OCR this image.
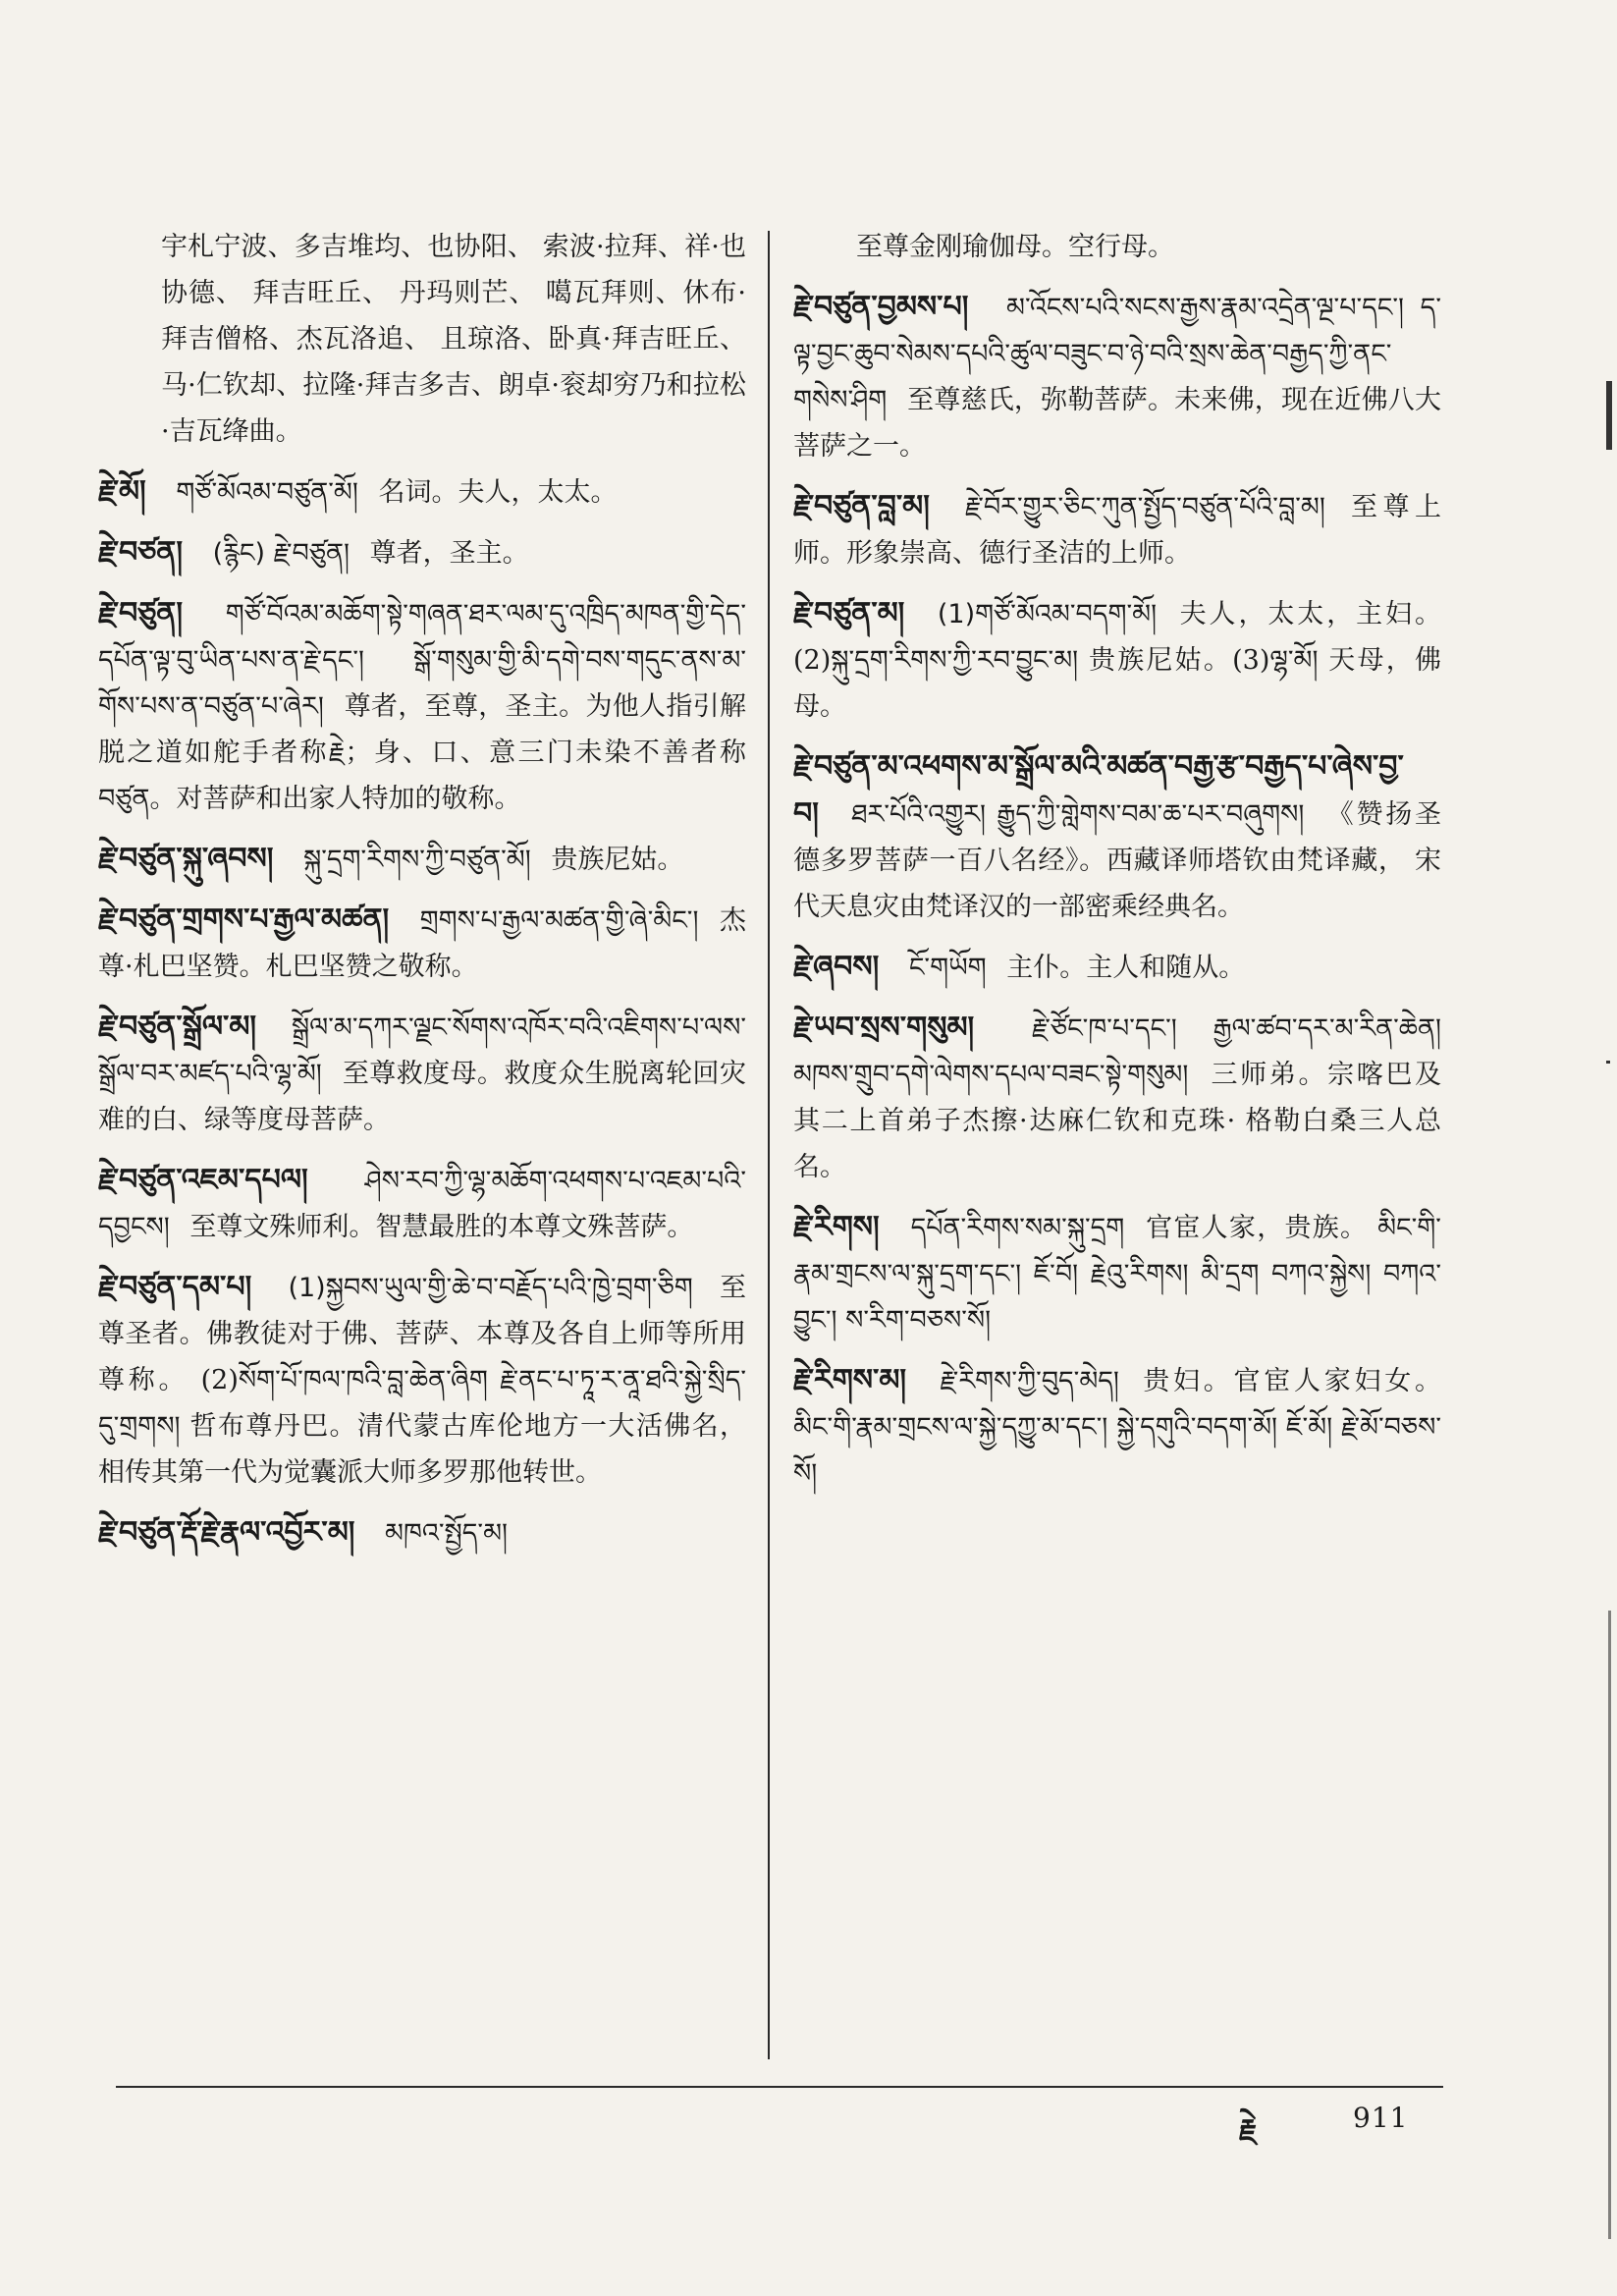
宇札宁波、多吉堆均、也协阳、 索波·拉拜、祥·也协德、 拜吉旺丘、 丹玛则芒、 噶瓦拜则、休布·拜吉僧格、杰瓦洛追、 且琼洛、卧真·拜吉旺丘、马·仁钦却、拉隆·拜吉多吉、朗卓·衮却穷乃和拉松·吉瓦绛曲。

རྗེ་མོ། གཙོ་མོའམ་བཙུན་མོ། 名词。夫人，太太。

རྗེ་བཙན། (རྙིང) རྗེ་བཙུན། 尊者，圣主。

རྗེ་བཙུན། གཙོ་བོའམ་མཆོག་སྟེ་གཞན་ཐར་ལམ་དུ་འཁྲིད་མཁན་གྱི་དེད་དཔོན་ལྟ་བུ་ཡིན་པས་ན་རྗེ་དང་། སྒོ་གསུམ་གྱི་མི་དགེ་བས་གདུང་ནས་མ་གོས་པས་ན་བཙུན་པ་ཞེར། 尊者，至尊，圣主。为他人指引解脱之道如舵手者称རྗེ；身、口、意三门未染不善者称བཙུན。对菩萨和出家人特加的敬称。

རྗེ་བཙུན་སྐུ་ཞབས། སྐུ་དྲག་རིགས་ཀྱི་བཙུན་མོ། 贵族尼姑。

རྗེ་བཙུན་གྲགས་པ་རྒྱལ་མཚན། གྲགས་པ་རྒྱལ་མཚན་གྱི་ཞེ་མིང་། 杰尊·札巴坚赞。札巴坚赞之敬称。

རྗེ་བཙུན་སྒྲོལ་མ། སྒྲོལ་མ་དཀར་ལྗང་སོགས་འཁོར་བའི་འཇིགས་པ་ལས་སྒྲོལ་བར་མཛད་པའི་ལྷ་མོ། 至尊救度母。救度众生脱离轮回灾难的白、绿等度母菩萨。

རྗེ་བཙུན་འཇམ་དཔལ། ཤེས་རབ་ཀྱི་ལྷ་མཆོག་འཕགས་པ་འཇམ་པའི་དབྱངས། 至尊文殊师利。智慧最胜的本尊文殊菩萨。

རྗེ་བཙུན་དམ་པ། (1)སྐྱབས་ཡུལ་གྱི་ཆེ་བ་བརྗོད་པའི་ཁྱེ་བྲག་ཅིག 至尊圣者。佛教徒对于佛、菩萨、本尊及各自上师等所用尊称。 (2)སོག་པོ་ཁལ་ཁའི་བླ་ཆེན་ཞིག རྗེ་ནང་པ་ཏཱ་ར་ནཱ་ཐའི་སྐྱེ་སྲིད་དུ་གྲགས། 哲布尊丹巴。清代蒙古库伦地方一大活佛名， 相传其第一代为觉囊派大师多罗那他转世。

རྗེ་བཙུན་རྡོ་རྗེ་རྣལ་འབྱོར་མ། མཁའ་སྤྱོད་མ།

至尊金刚瑜伽母。空行母。

རྗེ་བཙུན་བྱམས་པ། མ་འོངས་པའི་སངས་རྒྱས་རྣམ་འདྲེན་ལྔ་པ་དང་། ད་ལྟ་བྱང་ཆུབ་སེམས་དཔའི་ཚུལ་བཟུང་བ་ཉེ་བའི་སྲས་ཆེན་བརྒྱད་ཀྱི་ནང་གསེས་ཤིག 至尊慈氏，弥勒菩萨。未来佛，现在近佛八大菩萨之一。

རྗེ་བཙུན་བླ་མ། རྗེ་བོར་གྱུར་ཅིང་ཀུན་སྤྱོད་བཙུན་པོའི་བླ་མ། 至尊上师。形象崇高、德行圣洁的上师。

རྗེ་བཙུན་མ། (1)གཙོ་མོའམ་བདག་མོ། 夫人，太太，主妇。(2)སྐུ་དྲག་རིགས་ཀྱི་རབ་བྱུང་མ། 贵族尼姑。(3)ལྷ་མོ། 天母，佛母。

རྗེ་བཙུན་མ་འཕགས་མ་སྒྲོལ་མའི་མཚན་བརྒྱ་རྩ་བརྒྱད་པ་ཞེས་བྱ་བ། ཐར་པོའི་འགྱུར། རྒྱུད་ཀྱི་གླེགས་བམ་ཆ་པར་བཞུགས། 《赞扬圣德多罗菩萨一百八名经》。西藏译师塔钦由梵译藏， 宋代天息灾由梵译汉的一部密乘经典名。

རྗེ་ཞབས། ངོ་གཡོག 主仆。主人和随从。

རྗེ་ཡབ་སྲས་གསུམ། རྗེ་ཙོང་ཁ་པ་དང་། རྒྱལ་ཚབ་དར་མ་རིན་ཆེན། མཁས་གྲུབ་དགེ་ལེགས་དཔལ་བཟང་སྟེ་གསུམ། 三师弟。宗喀巴及其二上首弟子杰擦·达麻仁钦和克珠· 格勒白桑三人总名。

རྗེ་རིགས། དཔོན་རིགས་སམ་སྐུ་དྲག 官宦人家，贵族。 མིང་གི་རྣམ་གྲངས་ལ་སྐུ་དྲག་དང་། ཇོ་བོ། རྗེའུ་རིགས། མི་དྲག བཀའ་སྐྱེས། བཀའ་བྱུང་། ས་རིག་བཅས་སོ།

རྗེ་རིགས་མ། རྗེ་རིགས་ཀྱི་བུད་མེད། 贵妇。官宦人家妇女。 མིང་གི་རྣམ་གྲངས་ལ་སྐྱེ་དཀྱུ་མ་དང་། སྐྱེ་དགུའི་བདག་མོ། ཇོ་མོ། རྗེ་མོ་བཅས་སོ།

རྗེ	911
